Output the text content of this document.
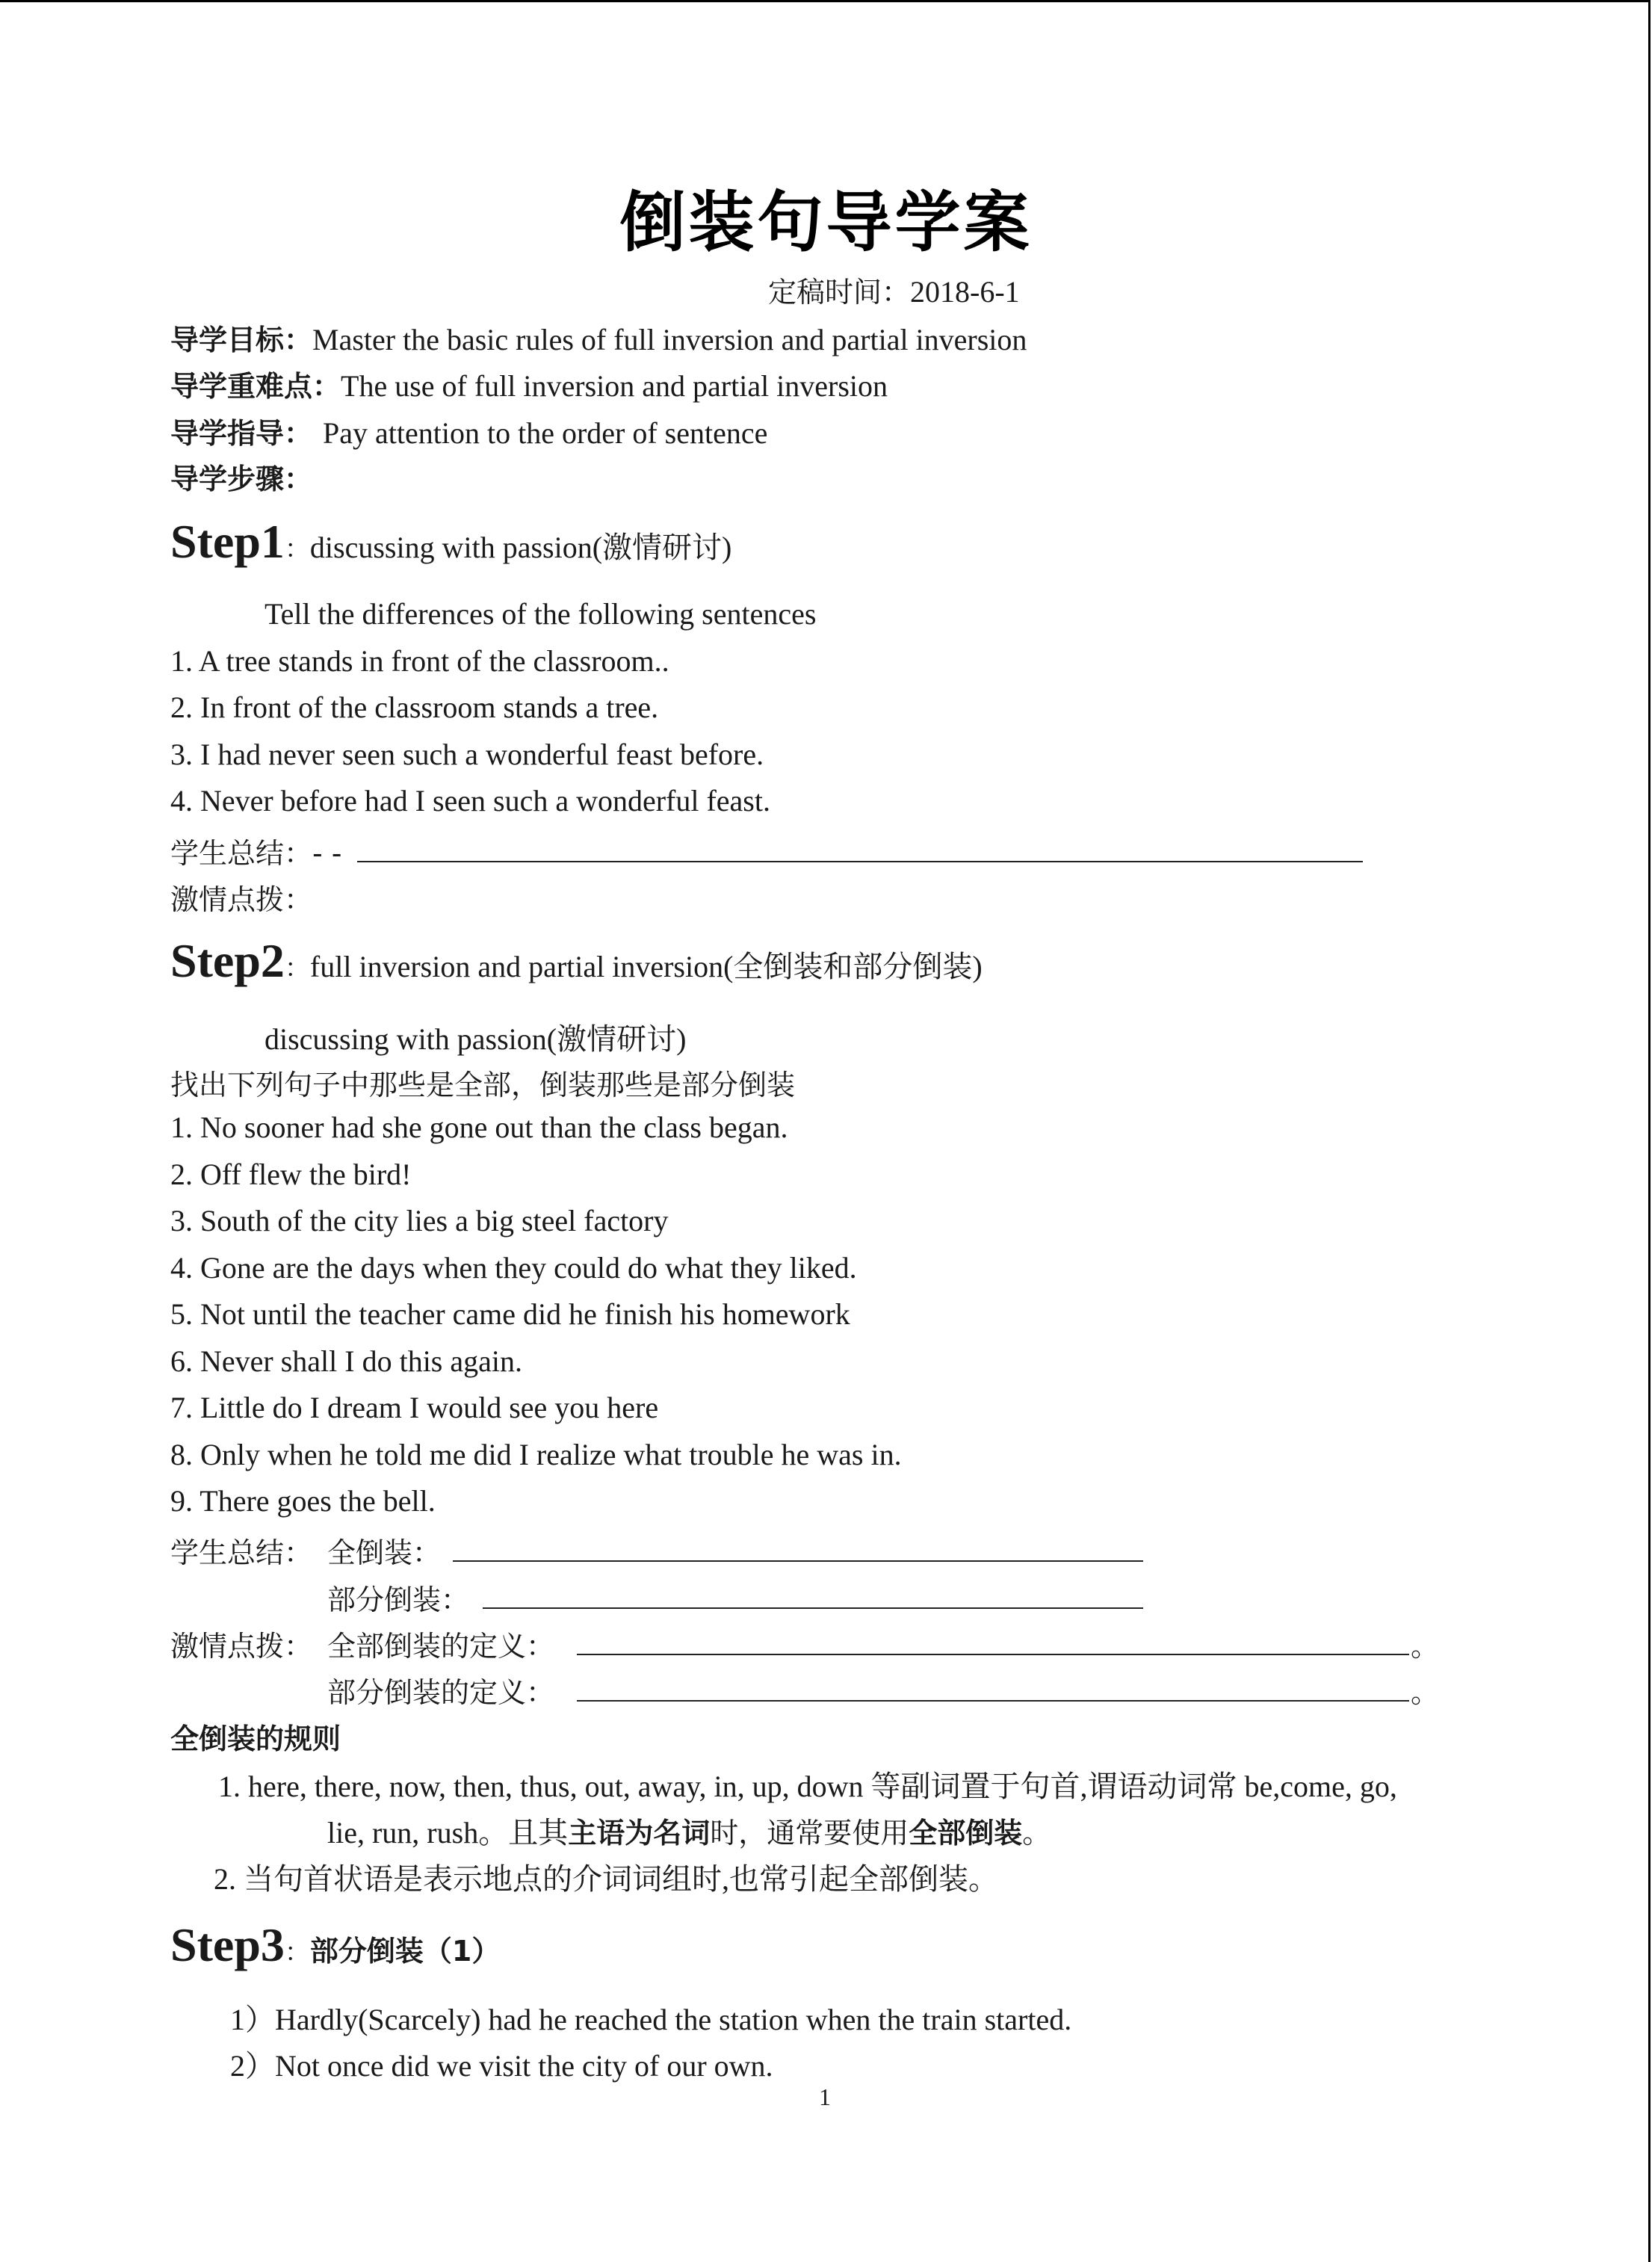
倒装句导学案
定稿时间：2018-6-1
导学目标：Master the basic rules of full inversion and partial inversion
导学重难点：The use of full inversion and partial inversion
导学指导： Pay attention to the order of sentence
导学步骤：
Step1：discussing with passion(激情研讨)
Tell the differences of the following sentences
1. A tree stands in front of the classroom..
2. In front of the classroom stands a tree.
3. I had never seen such a wonderful feast before.
4. Never before had I seen such a wonderful feast.
学生总结：- -
激情点拨：
Step2：full inversion and partial inversion(全倒装和部分倒装)
discussing with passion(激情研讨)
找出下列句子中那些是全部，倒装那些是部分倒装
1. No sooner had she gone out than the class began.
2. Off flew the bird!
3. South of the city lies a big steel factory
4. Gone are the days when they could do what they liked.
5. Not until the teacher came did he finish his homework
6. Never shall I do this again.
7. Little do I dream I would see you here
8. Only when he told me did I realize what trouble he was in.
9. There goes the bell.
学生总结： 全倒装：
部分倒装：
激情点拨： 全部倒装的定义：	。
部分倒装的定义：	。
全倒装的规则
1. here, there, now, then, thus, out, away, in, up, down 等副词置于句首,谓语动词常 be,come, go,
lie, run, rush。且其主语为名词时，通常要使用全部倒装。
2. 当句首状语是表示地点的介词词组时,也常引起全部倒装。
Step3：部分倒装（1）
1）Hardly(Scarcely) had he reached the station when the train started.
2）Not once did we visit the city of our own.
1
